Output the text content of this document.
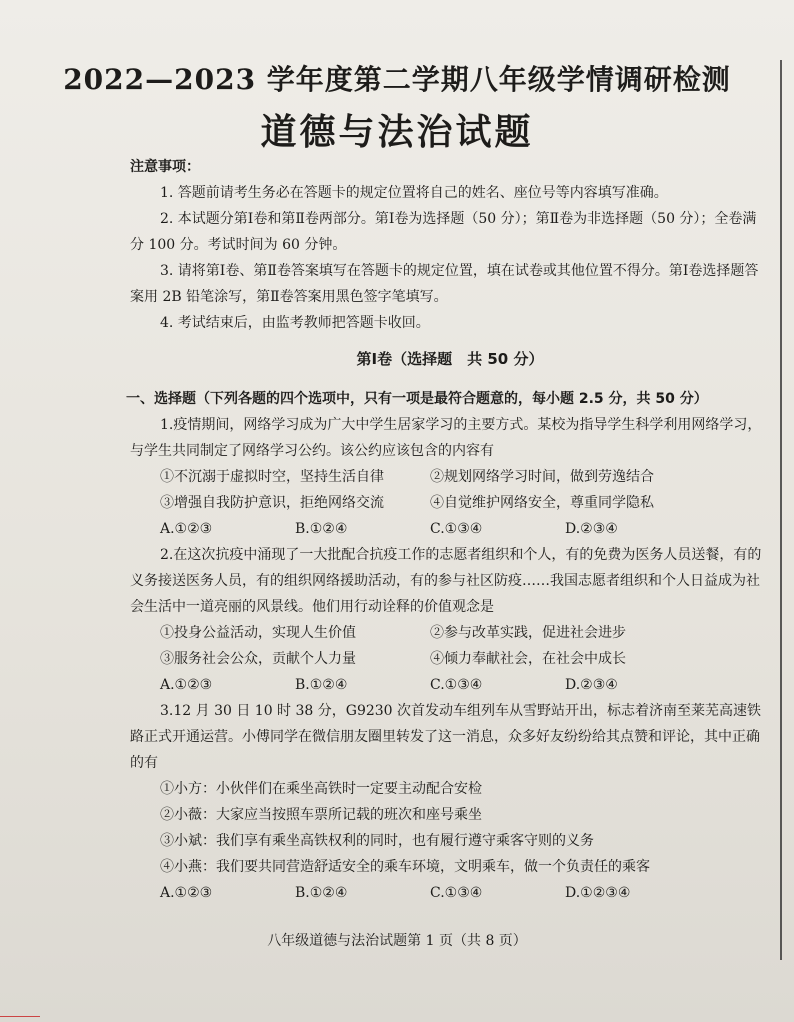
2022—2023 学年度第二学期八年级学情调研检测
道德与法治试题
注意事项：
1. 答题前请考生务必在答题卡的规定位置将自己的姓名、座位号等内容填写准确。
2. 本试题分第Ⅰ卷和第Ⅱ卷两部分。第Ⅰ卷为选择题（50 分）；第Ⅱ卷为非选择题（50 分）；全卷满分 100 分。考试时间为 60 分钟。
3. 请将第Ⅰ卷、第Ⅱ卷答案填写在答题卡的规定位置，填在试卷或其他位置不得分。第Ⅰ卷选择题答案用 2B 铅笔涂写，第Ⅱ卷答案用黑色签字笔填写。
4. 考试结束后，由监考教师把答题卡收回。
第Ⅰ卷（选择题　共 50 分）
一、选择题（下列各题的四个选项中，只有一项是最符合题意的，每小题 2.5 分，共 50 分）
1.疫情期间，网络学习成为广大中学生居家学习的主要方式。某校为指导学生科学利用网络学习，与学生共同制定了网络学习公约。该公约应该包含的内容有
①不沉溺于虚拟时空，坚持生活自律	②规划网络学习时间，做到劳逸结合
③增强自我防护意识，拒绝网络交流	④自觉维护网络安全，尊重同学隐私
A.①②③	B.①②④	C.①③④	D.②③④
2.在这次抗疫中涌现了一大批配合抗疫工作的志愿者组织和个人，有的免费为医务人员送餐，有的义务接送医务人员，有的组织网络援助活动，有的参与社区防疫……我国志愿者组织和个人日益成为社会生活中一道亮丽的风景线。他们用行动诠释的价值观念是
①投身公益活动，实现人生价值	②参与改革实践，促进社会进步
③服务社会公众，贡献个人力量	④倾力奉献社会，在社会中成长
A.①②③	B.①②④	C.①③④	D.②③④
3.12 月 30 日 10 时 38 分，G9230 次首发动车组列车从雪野站开出，标志着济南至莱芜高速铁路正式开通运营。小傅同学在微信朋友圈里转发了这一消息，众多好友纷纷给其点赞和评论，其中正确的有
①小方：小伙伴们在乘坐高铁时一定要主动配合安检
②小薇：大家应当按照车票所记载的班次和座号乘坐
③小斌：我们享有乘坐高铁权利的同时，也有履行遵守乘客守则的义务
④小燕：我们要共同营造舒适安全的乘车环境，文明乘车，做一个负责任的乘客
A.①②③	B.①②④	C.①③④	D.①②③④
八年级道德与法治试题第 1 页（共 8 页）
